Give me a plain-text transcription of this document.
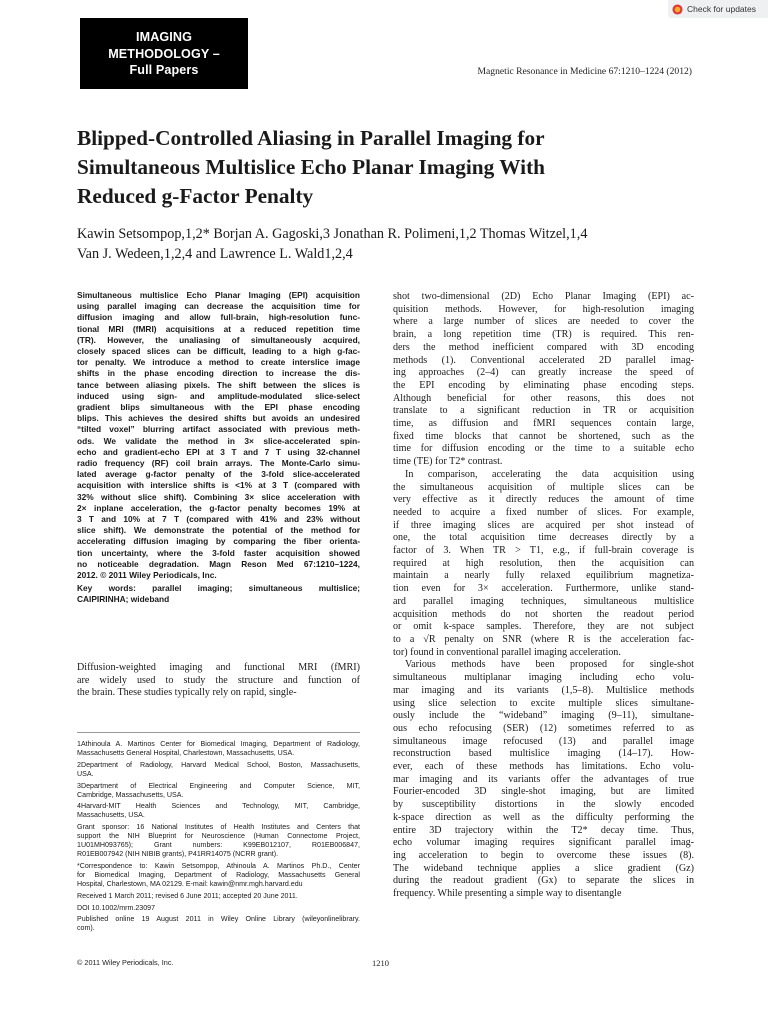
Check for updates
IMAGING
METHODOLOGY –
Full Papers	Magnetic Resonance in Medicine 67:1210–1224 (2012)
Blipped-Controlled Aliasing in Parallel Imaging for
Simultaneous Multislice Echo Planar Imaging With
Reduced g-Factor Penalty
Kawin Setsompop,1,2* Borjan A. Gagoski,3 Jonathan R. Polimeni,1,2 Thomas Witzel,1,4
Van J. Wedeen,1,2,4 and Lawrence L. Wald1,2,4

Simultaneous multislice Echo Planar Imaging (EPI) acquisition
using parallel imaging can decrease the acquisition time for
diffusion imaging and allow full-brain, high-resolution func-
tional MRI (fMRI) acquisitions at a reduced repetition time
(TR). However, the unaliasing of simultaneously acquired,
closely spaced slices can be difficult, leading to a high g-fac-
tor penalty. We introduce a method to create interslice image
shifts in the phase encoding direction to increase the dis-
tance between aliasing pixels. The shift between the slices is
induced using sign- and amplitude-modulated slice-select
gradient blips simultaneous with the EPI phase encoding
blips. This achieves the desired shifts but avoids an undesired
“tilted voxel” blurring artifact associated with previous meth-
ods. We validate the method in 3× slice-accelerated spin-
echo and gradient-echo EPI at 3 T and 7 T using 32-channel
radio frequency (RF) coil brain arrays. The Monte-Carlo simu-
lated average g-factor penalty of the 3-fold slice-accelerated
acquisition with interslice shifts is <1% at 3 T (compared with
32% without slice shift). Combining 3× slice acceleration with
2× inplane acceleration, the g-factor penalty becomes 19% at
3 T and 10% at 7 T (compared with 41% and 23% without
slice shift). We demonstrate the potential of the method for
accelerating diffusion imaging by comparing the fiber orienta-
tion uncertainty, where the 3-fold faster acquisition showed
no noticeable degradation. Magn Reson Med 67:1210–1224,
2012. © 2011 Wiley Periodicals, Inc.

Key words: parallel imaging; simultaneous multislice;
CAIPIRINHA; wideband

Diffusion-weighted imaging and functional MRI (fMRI)
are widely used to study the structure and function of
the brain. These studies typically rely on rapid, single-

1Athinoula A. Martinos Center for Biomedical Imaging, Department of Radiology,
Massachusetts General Hospital, Charlestown, Massachusetts, USA.

2Department of Radiology, Harvard Medical School, Boston, Massachusetts,
USA.

3Department of Electrical Engineering and Computer Science, MIT,
Cambridge, Massachusetts, USA.

4Harvard-MIT Health Sciences and Technology, MIT, Cambridge,
Massachusetts, USA.

Grant sponsor: 16 National Institutes of Health Institutes and Centers that
support the NIH Blueprint for Neuroscience (Human Connectome Project,
1U01MH093765); Grant numbers: K99EB012107, R01EB006847,
R01EB007942 (NIH NIBIB grants), P41RR14075 (NCRR grant).

*Correspondence to: Kawin Setsompop, Athinoula A. Martinos Ph.D., Center
for Biomedical Imaging, Department of Radiology, Massachusetts General
Hospital, Charlestown, MA 02129. E-mail: kawin@nmr.mgh.harvard.edu

Received 1 March 2011; revised 6 June 2011; accepted 20 June 2011.

DOI 10.1002/mrm.23097

Published online 19 August 2011 in Wiley Online Library (wileyonlinelibrary.
com).

shot two-dimensional (2D) Echo Planar Imaging (EPI) ac-
quisition methods. However, for high-resolution imaging
where a large number of slices are needed to cover the
brain, a long repetition time (TR) is required. This ren-
ders the method inefficient compared with 3D encoding
methods (1). Conventional accelerated 2D parallel imag-
ing approaches (2–4) can greatly increase the speed of
the EPI encoding by eliminating phase encoding steps.
Although beneficial for other reasons, this does not
translate to a significant reduction in TR or acquisition
time, as diffusion and fMRI sequences contain large,
fixed time blocks that cannot be shortened, such as the
time for diffusion encoding or the time to a suitable echo
time (TE) for T2* contrast.

In comparison, accelerating the data acquisition using
the simultaneous acquisition of multiple slices can be
very effective as it directly reduces the amount of time
needed to acquire a fixed number of slices. For example,
if three imaging slices are acquired per shot instead of
one, the total acquisition time decreases directly by a
factor of 3. When TR > T1, e.g., if full-brain coverage is
required at high resolution, then the acquisition can
maintain a nearly fully relaxed equilibrium magnetiza-
tion even for 3× acceleration. Furthermore, unlike stand-
ard parallel imaging techniques, simultaneous multislice
acquisition methods do not shorten the readout period
or omit k-space samples. Therefore, they are not subject
to a √R penalty on SNR (where R is the acceleration fac-
tor) found in conventional parallel imaging acceleration.

Various methods have been proposed for single-shot
simultaneous multiplanar imaging including echo volu-
mar imaging and its variants (1,5–8). Multislice methods
using slice selection to excite multiple slices simultane-
ously include the “wideband” imaging (9–11), simultane-
ous echo refocusing (SER) (12) sometimes referred to as
simultaneous image refocused (13) and parallel image
reconstruction based multislice imaging (14–17). How-
ever, each of these methods has limitations. Echo volu-
mar imaging and its variants offer the advantages of true
Fourier-encoded 3D single-shot imaging, but are limited
by susceptibility distortions in the slowly encoded
k-space direction as well as the difficulty performing the
entire 3D trajectory within the T2* decay time. Thus,
echo volumar imaging requires significant parallel imag-
ing acceleration to begin to overcome these issues (8).
The wideband technique applies a slice gradient (Gz)
during the readout gradient (Gx) to separate the slices in
frequency. While presenting a simple way to disentangle

© 2011 Wiley Periodicals, Inc.	1210
